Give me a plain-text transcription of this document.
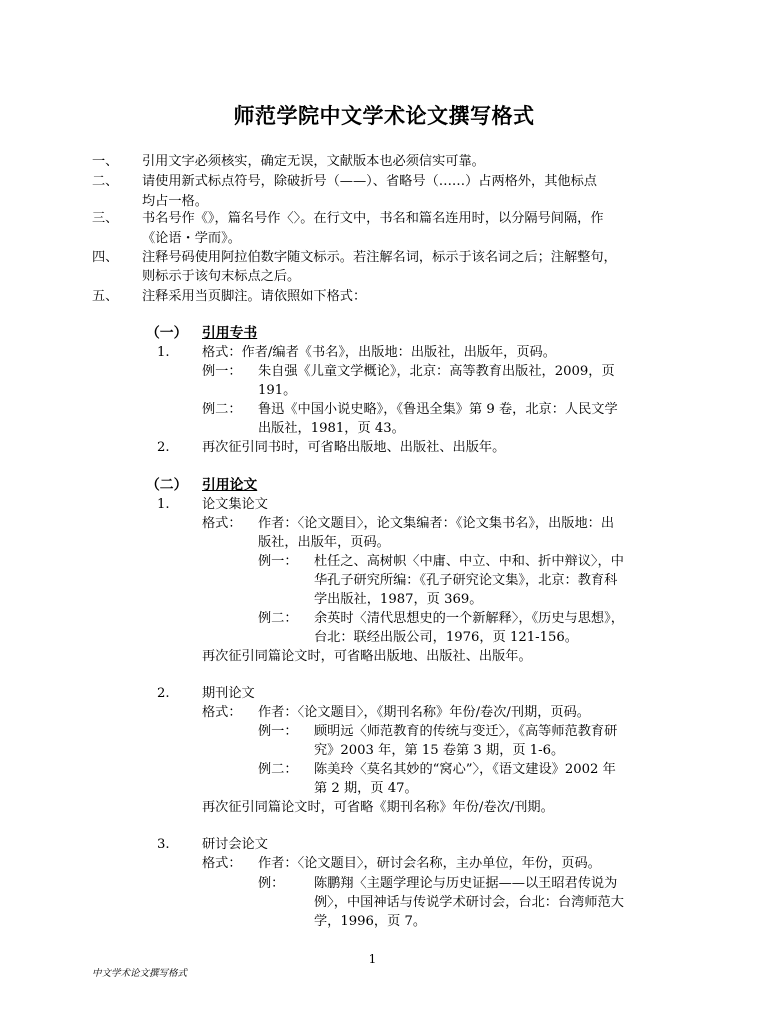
师范学院中文学术论文撰写格式
一、 引用文字必须核实，确定无误，文献版本也必须信实可靠。
二、 请使用新式标点符号，除破折号（——）、省略号（……）占两格外，其他标点
均占一格。
三、 书名号作《》，篇名号作〈〉。在行文中，书名和篇名连用时，以分隔号间隔，作
《论语・学而》。
四、 注释号码使用阿拉伯数字随文标示。若注解名词，标示于该名词之后；注解整句，
则标示于该句末标点之后。
五、 注释采用当页脚注。请依照如下格式：
（一） 引用专书
1. 格式：作者/编者《书名》，出版地：出版社，出版年，页码。
例一： 朱自强《儿童文学概论》，北京：高等教育出版社，2009，页
191。
例二： 鲁迅《中国小说史略》，《鲁迅全集》第 9 卷，北京：人民文学
出版社，1981，页 43。
2. 再次征引同书时，可省略出版地、出版社、出版年。
（二） 引用论文
1. 论文集论文
格式： 作者：〈论文题目〉，论文集编者：《论文集书名》，出版地：出
版社，出版年，页码。
例一： 杜任之、高树帜〈中庸、中立、中和、折中辩议〉，中
华孔子研究所编：《孔子研究论文集》，北京：教育科
学出版社，1987，页 369。
例二： 余英时〈清代思想史的一个新解释〉，《历史与思想》，
台北：联经出版公司，1976，页 121-156。
再次征引同篇论文时，可省略出版地、出版社、出版年。
2. 期刊论文
格式： 作者：〈论文题目〉，《期刊名称》年份/卷次/刊期，页码。
例一： 顾明远〈师范教育的传统与变迁〉，《高等师范教育研
究》2003 年，第 15 卷第 3 期，页 1-6。
例二： 陈美玲〈莫名其妙的“窝心”〉，《语文建设》2002 年
第 2 期，页 47。
再次征引同篇论文时，可省略《期刊名称》年份/卷次/刊期。
3. 研讨会论文
格式： 作者：〈论文题目〉，研讨会名称，主办单位，年份，页码。
例： 陈鹏翔〈主题学理论与历史证据——以王昭君传说为
例〉，中国神话与传说学术研讨会，台北：台湾师范大
学，1996，页 7。
1
中文学术论文撰写格式
